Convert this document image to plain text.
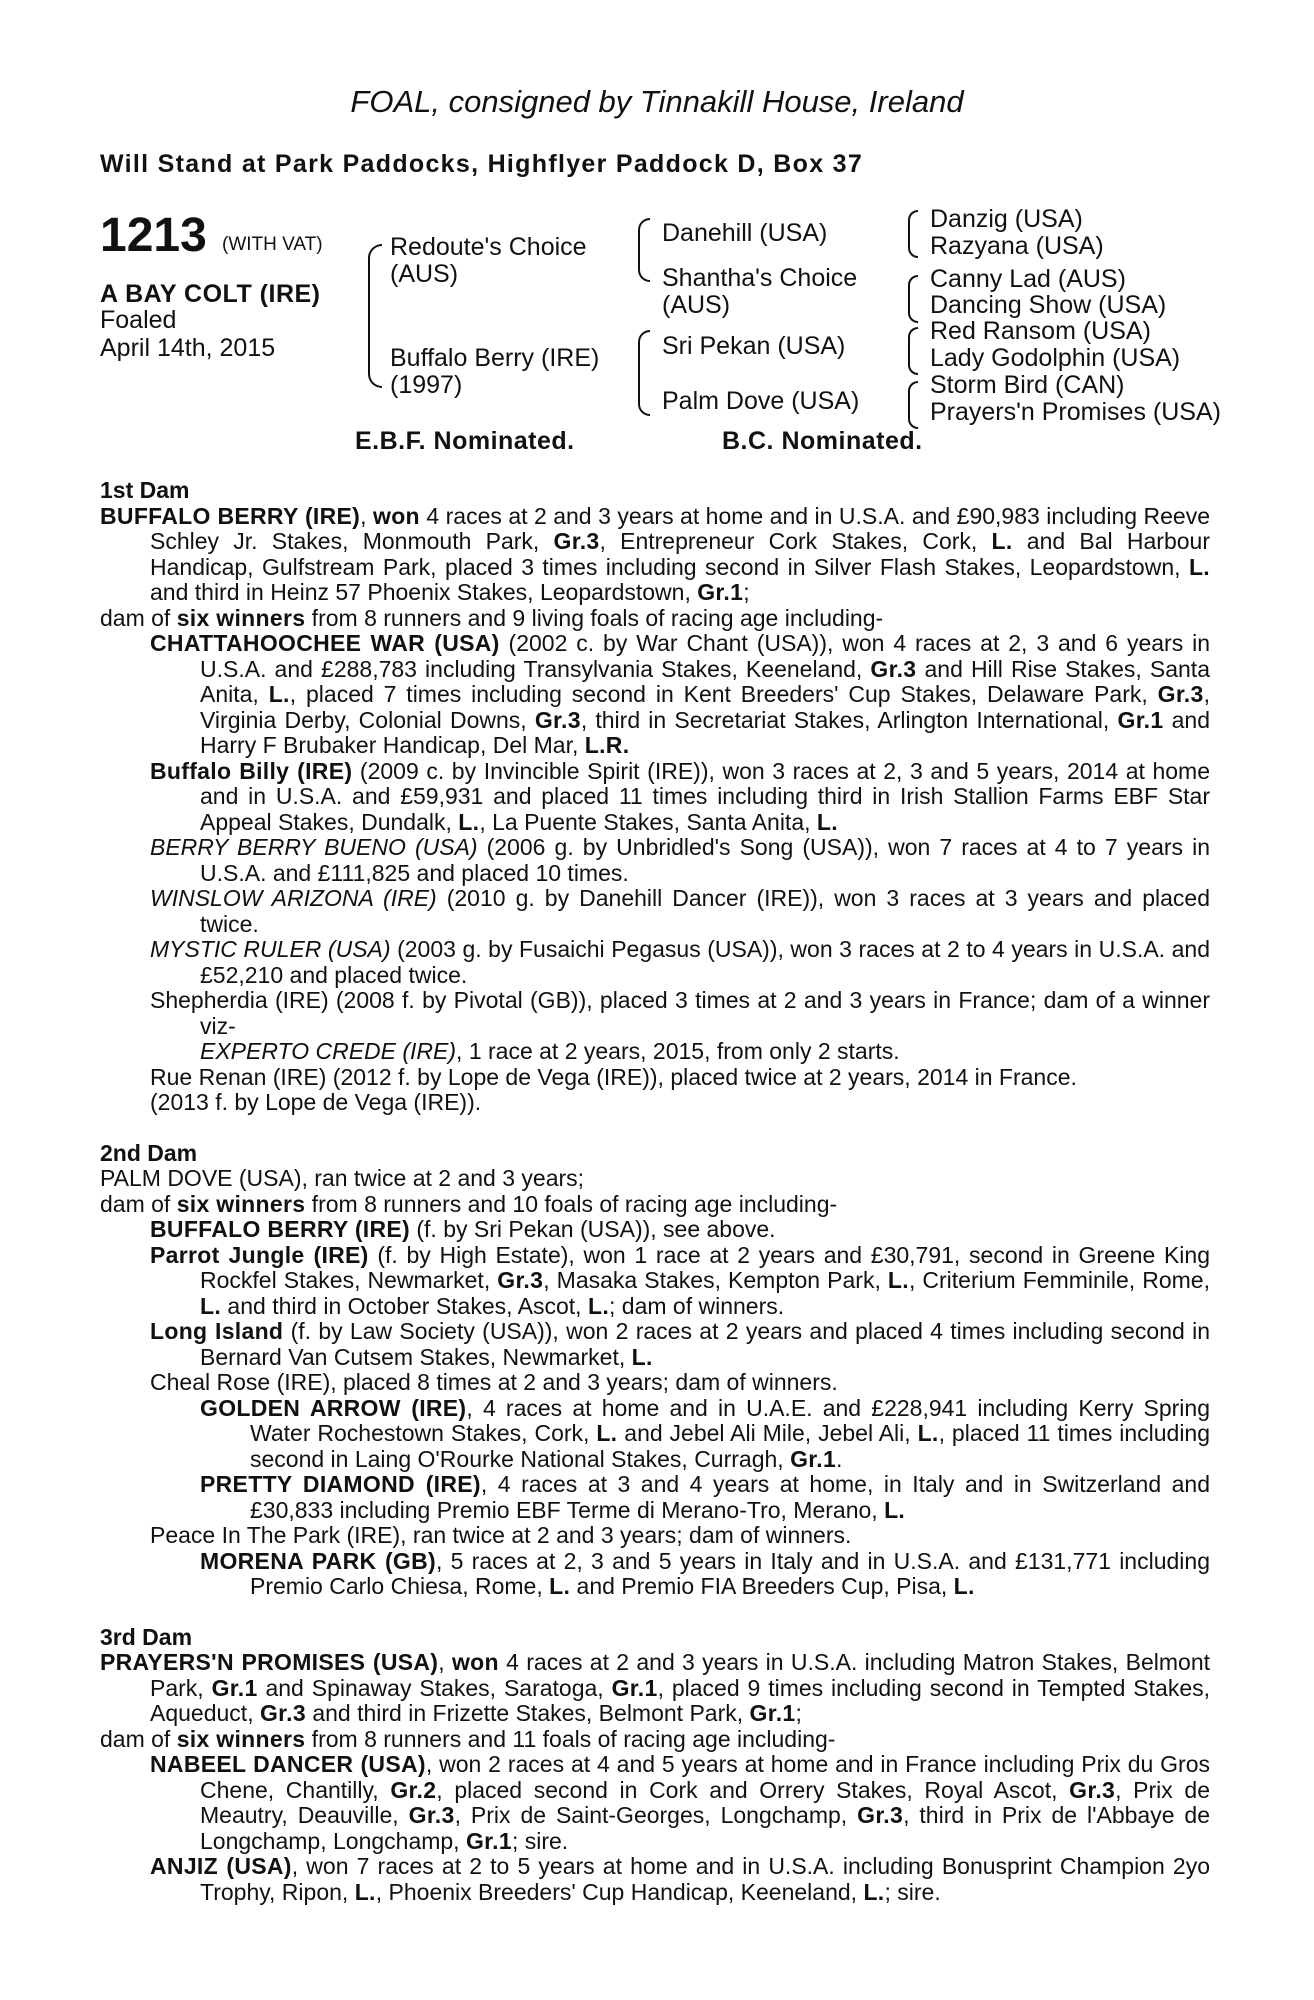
FOAL, consigned by Tinnakill House, Ireland
Will Stand at Park Paddocks, Highflyer Paddock D, Box 37
1213 (WITH VAT)
A BAY COLT (IRE)
Foaled
April 14th, 2015
Redoute's Choice
(AUS)
Buffalo Berry (IRE)
(1997)
Danehill (USA)
Shantha's Choice
(AUS)
Sri Pekan (USA)
Palm Dove (USA)
Danzig (USA)
Razyana (USA)
Canny Lad (AUS)
Dancing Show (USA)
Red Ransom (USA)
Lady Godolphin (USA)
Storm Bird (CAN)
Prayers'n Promises (USA)
E.B.F. Nominated.	B.C. Nominated.

1st Dam

BUFFALO BERRY (IRE), won 4 races at 2 and 3 years at home and in U.S.A. and £90,983 including Reeve Schley Jr. Stakes, Monmouth Park, Gr.3, Entrepreneur Cork Stakes, Cork, L. and Bal Harbour Handicap, Gulfstream Park, placed 3 times including second in Silver Flash Stakes, Leopardstown, L. and third in Heinz 57 Phoenix Stakes, Leopardstown, Gr.1;

dam of six winners from 8 runners and 9 living foals of racing age including-

CHATTAHOOCHEE WAR (USA) (2002 c. by War Chant (USA)), won 4 races at 2, 3 and 6 years in U.S.A. and £288,783 including Transylvania Stakes, Keeneland, Gr.3 and Hill Rise Stakes, Santa Anita, L., placed 7 times including second in Kent Breeders' Cup Stakes, Delaware Park, Gr.3, Virginia Derby, Colonial Downs, Gr.3, third in Secretariat Stakes, Arlington International, Gr.1 and Harry F Brubaker Handicap, Del Mar, L.R.

Buffalo Billy (IRE) (2009 c. by Invincible Spirit (IRE)), won 3 races at 2, 3 and 5 years, 2014 at home and in U.S.A. and £59,931 and placed 11 times including third in Irish Stallion Farms EBF Star Appeal Stakes, Dundalk, L., La Puente Stakes, Santa Anita, L.

BERRY BERRY BUENO (USA) (2006 g. by Unbridled's Song (USA)), won 7 races at 4 to 7 years in U.S.A. and £111,825 and placed 10 times.

WINSLOW ARIZONA (IRE) (2010 g. by Danehill Dancer (IRE)), won 3 races at 3 years and placed twice.

MYSTIC RULER (USA) (2003 g. by Fusaichi Pegasus (USA)), won 3 races at 2 to 4 years in U.S.A. and £52,210 and placed twice.

Shepherdia (IRE) (2008 f. by Pivotal (GB)), placed 3 times at 2 and 3 years in France; dam of a winner viz-

EXPERTO CREDE (IRE), 1 race at 2 years, 2015, from only 2 starts.

Rue Renan (IRE) (2012 f. by Lope de Vega (IRE)), placed twice at 2 years, 2014 in France.

(2013 f. by Lope de Vega (IRE)).

2nd Dam

PALM DOVE (USA), ran twice at 2 and 3 years;

dam of six winners from 8 runners and 10 foals of racing age including-

BUFFALO BERRY (IRE) (f. by Sri Pekan (USA)), see above.

Parrot Jungle (IRE) (f. by High Estate), won 1 race at 2 years and £30,791, second in Greene King Rockfel Stakes, Newmarket, Gr.3, Masaka Stakes, Kempton Park, L., Criterium Femminile, Rome, L. and third in October Stakes, Ascot, L.; dam of winners.

Long Island (f. by Law Society (USA)), won 2 races at 2 years and placed 4 times including second in Bernard Van Cutsem Stakes, Newmarket, L.

Cheal Rose (IRE), placed 8 times at 2 and 3 years; dam of winners.

GOLDEN ARROW (IRE), 4 races at home and in U.A.E. and £228,941 including Kerry Spring Water Rochestown Stakes, Cork, L. and Jebel Ali Mile, Jebel Ali, L., placed 11 times including second in Laing O'Rourke National Stakes, Curragh, Gr.1.

PRETTY DIAMOND (IRE), 4 races at 3 and 4 years at home, in Italy and in Switzerland and £30,833 including Premio EBF Terme di Merano-Tro, Merano, L.

Peace In The Park (IRE), ran twice at 2 and 3 years; dam of winners.

MORENA PARK (GB), 5 races at 2, 3 and 5 years in Italy and in U.S.A. and £131,771 including Premio Carlo Chiesa, Rome, L. and Premio FIA Breeders Cup, Pisa, L.

3rd Dam

PRAYERS'N PROMISES (USA), won 4 races at 2 and 3 years in U.S.A. including Matron Stakes, Belmont Park, Gr.1 and Spinaway Stakes, Saratoga, Gr.1, placed 9 times including second in Tempted Stakes, Aqueduct, Gr.3 and third in Frizette Stakes, Belmont Park, Gr.1;

dam of six winners from 8 runners and 11 foals of racing age including-

NABEEL DANCER (USA), won 2 races at 4 and 5 years at home and in France including Prix du Gros Chene, Chantilly, Gr.2, placed second in Cork and Orrery Stakes, Royal Ascot, Gr.3, Prix de Meautry, Deauville, Gr.3, Prix de Saint-Georges, Longchamp, Gr.3, third in Prix de l'Abbaye de Longchamp, Longchamp, Gr.1; sire.

ANJIZ (USA), won 7 races at 2 to 5 years at home and in U.S.A. including Bonusprint Champion 2yo Trophy, Ripon, L., Phoenix Breeders' Cup Handicap, Keeneland, L.; sire.
